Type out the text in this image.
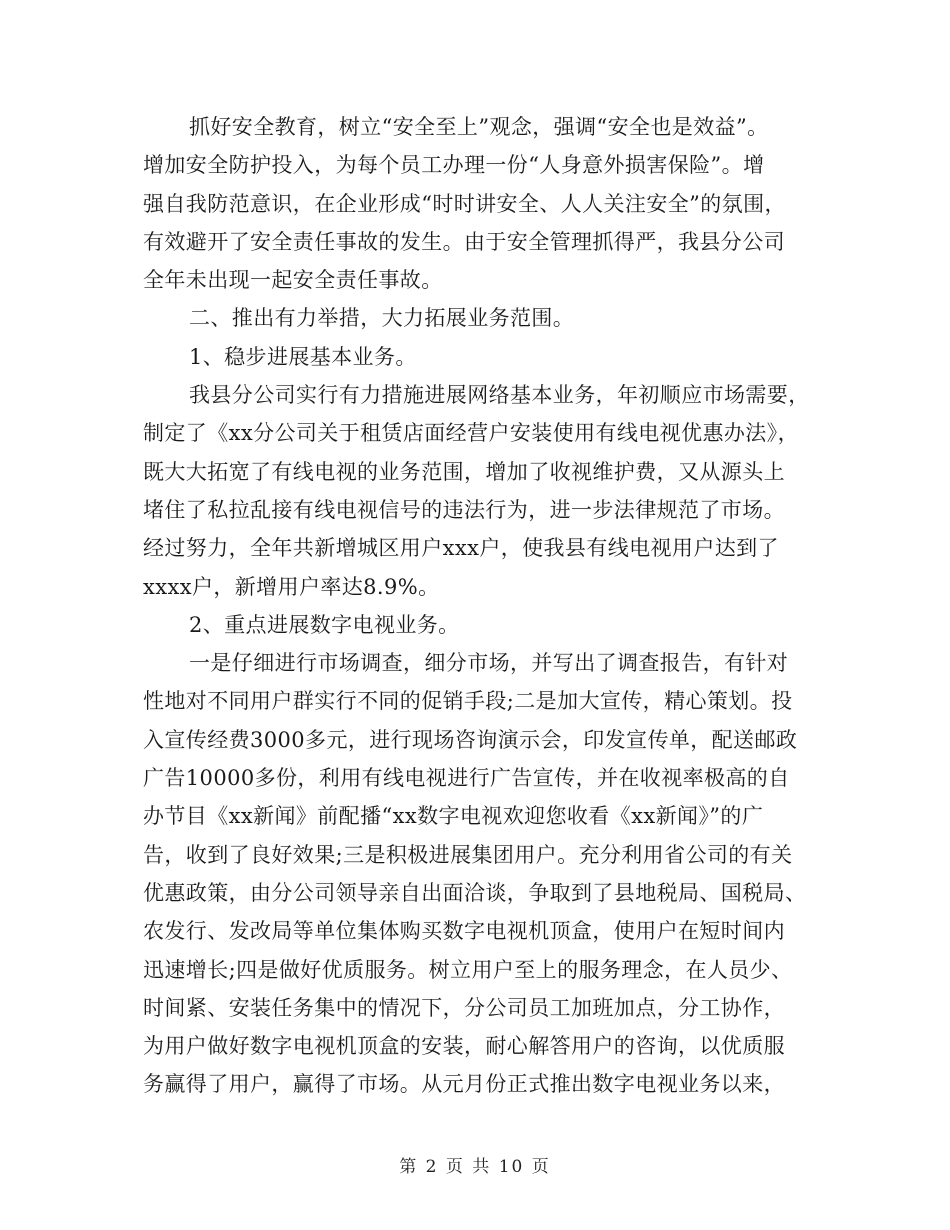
抓好安全教育，树立“安全至上”观念，强调“安全也是效益”。
增加安全防护投入，为每个员工办理一份“人身意外损害保险”。增
强自我防范意识，在企业形成“时时讲安全、人人关注安全”的氛围，
有效避开了安全责任事故的发生。由于安全管理抓得严，我县分公司
全年未出现一起安全责任事故。
二、推出有力举措，大力拓展业务范围。
1、稳步进展基本业务。
我县分公司实行有力措施进展网络基本业务，年初顺应市场需要，
制定了《xx分公司关于租赁店面经营户安装使用有线电视优惠办法》，
既大大拓宽了有线电视的业务范围，增加了收视维护费，又从源头上
堵住了私拉乱接有线电视信号的违法行为，进一步法律规范了市场。
经过努力，全年共新增城区用户xxx户，使我县有线电视用户达到了
xxxx户，新增用户率达8.9%。
2、重点进展数字电视业务。
一是仔细进行市场调查，细分市场，并写出了调查报告，有针对
性地对不同用户群实行不同的促销手段;二是加大宣传，精心策划。投
入宣传经费3000多元，进行现场咨询演示会，印发宣传单，配送邮政
广告10000多份，利用有线电视进行广告宣传，并在收视率极高的自
办节目《xx新闻》前配播“xx数字电视欢迎您收看《xx新闻》”的广
告，收到了良好效果;三是积极进展集团用户。充分利用省公司的有关
优惠政策，由分公司领导亲自出面洽谈，争取到了县地税局、国税局、
农发行、发改局等单位集体购买数字电视机顶盒，使用户在短时间内
迅速增长;四是做好优质服务。树立用户至上的服务理念，在人员少、
时间紧、安装任务集中的情况下，分公司员工加班加点，分工协作，
为用户做好数字电视机顶盒的安装，耐心解答用户的咨询，以优质服
务赢得了用户，赢得了市场。从元月份正式推出数字电视业务以来，
第 2 页 共 10 页
